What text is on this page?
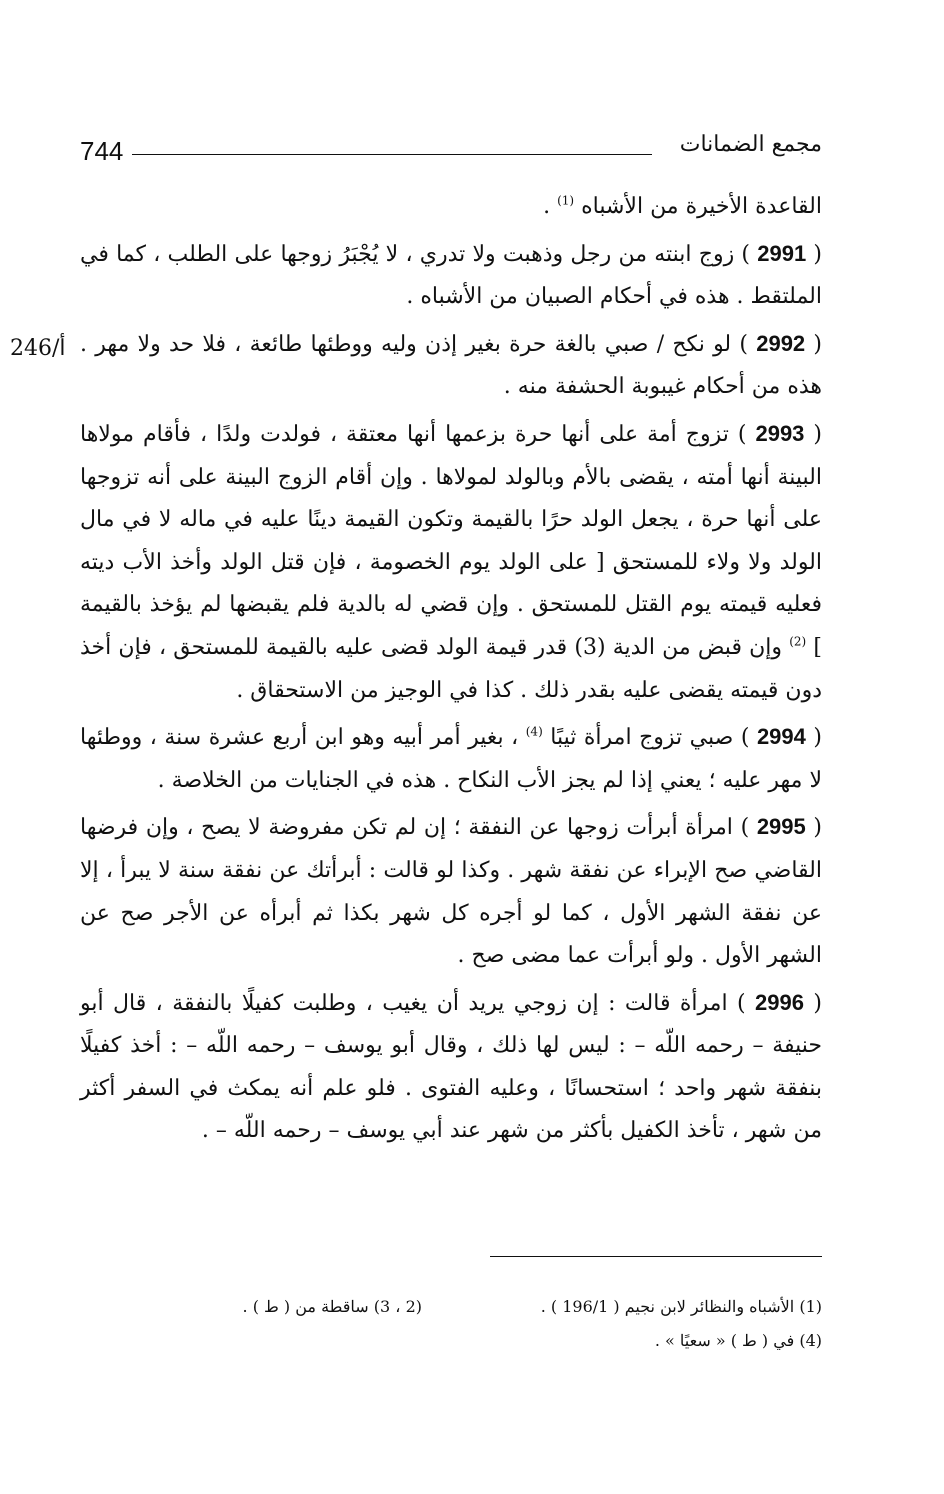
744	مجمع الضمانات
246/أ

القاعدة الأخيرة من الأشباه $^{(1)}$ .

( 2991 ) زوج ابنته من رجل وذهبت ولا تدري ، لا يُجْبَرُ زوجها على الطلب ، كما في الملتقط . هذه في أحكام الصبيان من الأشباه .

( 2992 ) لو نكح / صبي بالغة حرة بغير إذن وليه ووطئها طائعة ، فلا حد ولا مهر . هذه من أحكام غيبوبة الحشفة منه .

( 2993 ) تزوج أمة على أنها حرة بزعمها أنها معتقة ، فولدت ولدًا ، فأقام مولاها البينة أنها أمته ، يقضى بالأم وبالولد لمولاها . وإن أقام الزوج البينة على أنه تزوجها على أنها حرة ، يجعل الولد حرًا بالقيمة وتكون القيمة دينًا عليه في ماله لا في مال الولد ولا ولاء للمستحق [ على الولد يوم الخصومة ، فإن قتل الولد وأخذ الأب ديته فعليه قيمته يوم القتل للمستحق . وإن قضي له بالدية فلم يقبضها لم يؤخذ بالقيمة ] $^{(2)}$ وإن قبض من الدية (3) قدر قيمة الولد قضى عليه بالقيمة للمستحق ، فإن أخذ دون قيمته يقضى عليه بقدر ذلك . كذا في الوجيز من الاستحقاق .

( 2994 ) صبي تزوج امرأة ثيبًا $^{(4)}$ ، بغير أمر أبيه وهو ابن أربع عشرة سنة ، ووطئها لا مهر عليه ؛ يعني إذا لم يجز الأب النكاح . هذه في الجنايات من الخلاصة .

( 2995 ) امرأة أبرأت زوجها عن النفقة ؛ إن لم تكن مفروضة لا يصح ، وإن فرضها القاضي صح الإبراء عن نفقة شهر . وكذا لو قالت : أبرأتك عن نفقة سنة لا يبرأ ، إلا عن نفقة الشهر الأول ، كما لو أجره كل شهر بكذا ثم أبرأه عن الأجر صح عن الشهر الأول . ولو أبرأت عما مضى صح .

( 2996 ) امرأة قالت : إن زوجي يريد أن يغيب ، وطلبت كفيلًا بالنفقة ، قال أبو حنيفة – رحمه اللّه – : ليس لها ذلك ، وقال أبو يوسف – رحمه اللّه – : أخذ كفيلًا بنفقة شهر واحد ؛ استحسانًا ، وعليه الفتوى . فلو علم أنه يمكث في السفر أكثر من شهر ، تأخذ الكفيل بأكثر من شهر عند أبي يوسف – رحمه اللّه – .

(1) الأشباه والنظائر لابن نجيم ( 196/1 ) .
(2 ، 3) ساقطة من ( ط ) .
(4) في ( ط ) « سعيًا » .
